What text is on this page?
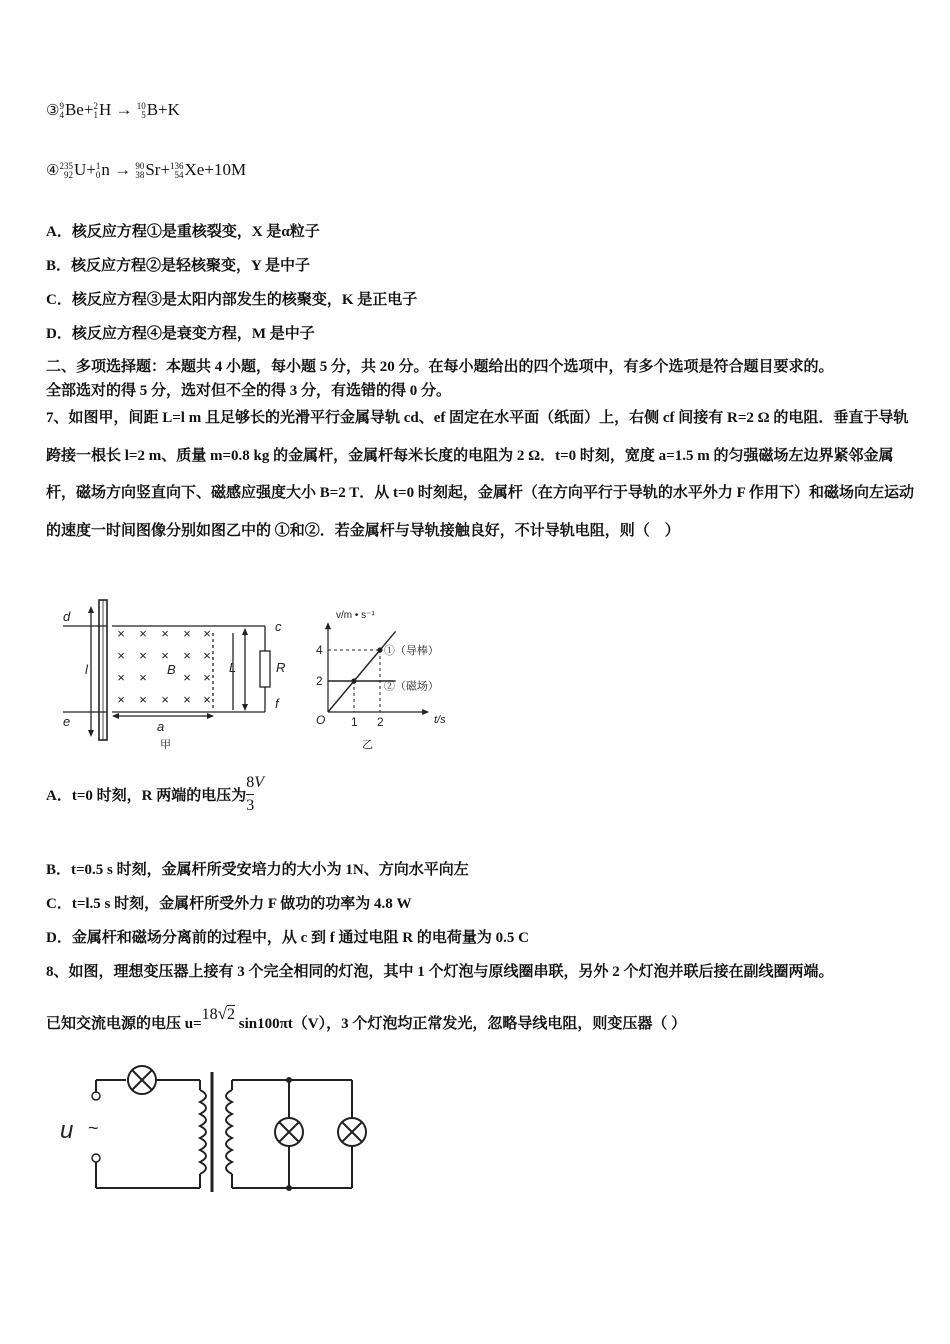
③ 9
4 Be+ 2
1 H → 10
5 B+K
④ 235
92 U+ 1
0 n → 90
38 Sr+ 136
54 Xe+10M
A．核反应方程①是重核裂变，X 是α粒子
B．核反应方程②是轻核聚变，Y 是中子
C．核反应方程③是太阳内部发生的核聚变，K 是正电子
D．核反应方程④是衰变方程，M 是中子
二、多项选择题：本题共 4 小题，每小题 5 分，共 20 分。在每小题给出的四个选项中，有多个选项是符合题目要求的。
全部选对的得 5 分，选对但不全的得 3 分，有选错的得 0 分。
7、如图甲，间距 L=l m 且足够长的光滑平行金属导轨 cd、ef 固定在水平面（纸面）上，右侧 cf 间接有 R=2 Ω 的电阻．垂直于导轨跨接一根长 l=2 m、质量 m=0.8 kg 的金属杆，金属杆每米长度的电阻为 2 Ω．t=0 时刻，宽度 a=1.5 m 的匀强磁场左边界紧邻金属杆，磁场方向竖直向下、磁感应强度大小 B=2 T．从 t=0 时刻起，金属杆（在方向平行于导轨的水平外力 F 作用下）和磁场向左运动的速度一时间图像分别如图乙中的 ①和②．若金属杆与导轨接触良好，不计导轨电阻，则（　）
× × × × ×
× × × × ×
× ×	× ×
× × × × ×
d
e
c
f
l	B	L	R
a
甲
1 2
2
4	①（导棒）
②（磁场）
v/m • s⁻¹
t/s
O
乙
A．t=0 时刻，R 两端的电压为 $\frac{8}{3}$ V
B．t=0.5 s 时刻，金属杆所受安培力的大小为 1N、方向水平向左
C．t=l.5 s 时刻，金属杆所受外力 F 做功的功率为 4.8 W
D．金属杆和磁场分离前的过程中，从 c 到 f 通过电阻 R 的电荷量为 0.5 C
8、如图，理想变压器上接有 3 个完全相同的灯泡，其中 1 个灯泡与原线圈串联，另外 2 个灯泡并联后接在副线圈两端。
已知交流电源的电压 u=18√2 sin100πt（V），3 个灯泡均正常发光，忽略导线电阻，则变压器（ ）
u ~
